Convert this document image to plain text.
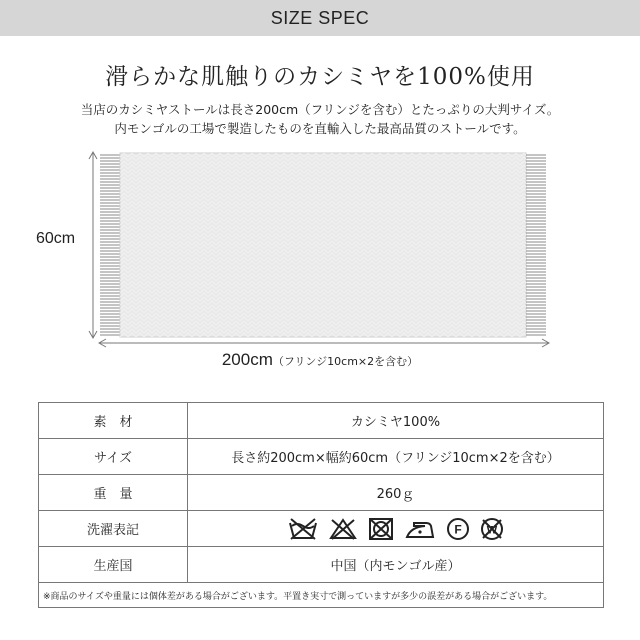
SIZE SPEC
滑らかな肌触りのカシミヤを100%使用
当店のカシミヤストールは長さ200cm（フリンジを含む）とたっぷりの大判サイズ。
内モンゴルの工場で製造したものを直輸入した最高品質のストールです。
60cm
200cm（フリンジ10cm×2を含む）
素　材	カシミヤ100%
サイズ	長さ約200cm×幅約60cm（フリンジ10cm×2を含む）
重　量	260ｇ
洗濯表記	F W

生産国	中国（内モンゴル産）
※商品のサイズや重量には個体差がある場合がございます。平置き実寸で測っていますが多少の誤差がある場合がございます。	
